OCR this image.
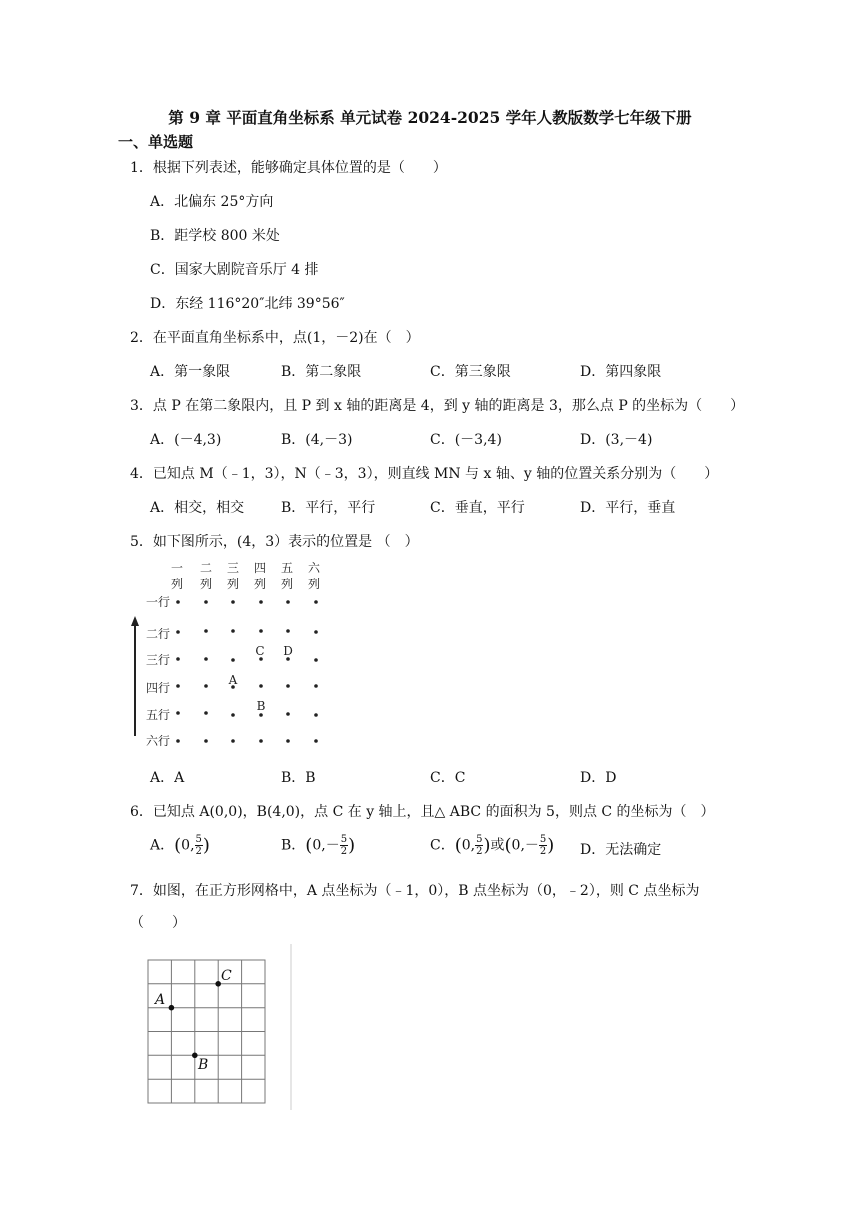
第 9 章 平面直角坐标系 单元试卷 2024-2025 学年人教版数学七年级下册
一、单选题
1．根据下列表述，能够确定具体位置的是（　　）
A．北偏东 25°方向
B．距学校 800 米处
C．国家大剧院音乐厅 4 排
D．东经 116°20″北纬 39°56″
2．在平面直角坐标系中，点(1，－2)在（　）
A．第一象限	B．第二象限	C．第三象限	D．第四象限
3．点 P 在第二象限内，且 P 到 x 轴的距离是 4，到 y 轴的距离是 3，那么点 P 的坐标为（　　）
A．(－4,3)	B．(4,－3)	C．(－3,4)	D．(3,－4)
4．已知点 M（﹣1，3），N（﹣3，3），则直线 MN 与 x 轴、y 轴的位置关系分别为（　　）
A．相交，相交	B．平行，平行	C．垂直，平行	D．平行，垂直
5．如下图所示，(4，3）表示的位置是 （　）
一 二 三 四 五 六
列 列 列 列 列 列
一行
二行
三行
四行
五行
六行
A
B
C D
A．A	B．B	C．C	D．D
6．已知点 A(0,0)，B(4,0)，点 C 在 y 轴上，且△ ABC 的面积为 5，则点 C 的坐标为（　）
A．(0, $\frac{5}{2}$ )	B．($0,- \frac{5}{2}$ )	C．(0, $\frac{5}{2}$ )或($0,- \frac{5}{2}$ ) D．无法确定
7．如图，在正方形网格中，A 点坐标为（﹣1，0），B 点坐标为（0，﹣2），则 C 点坐标为
（　　）
A
B
C
